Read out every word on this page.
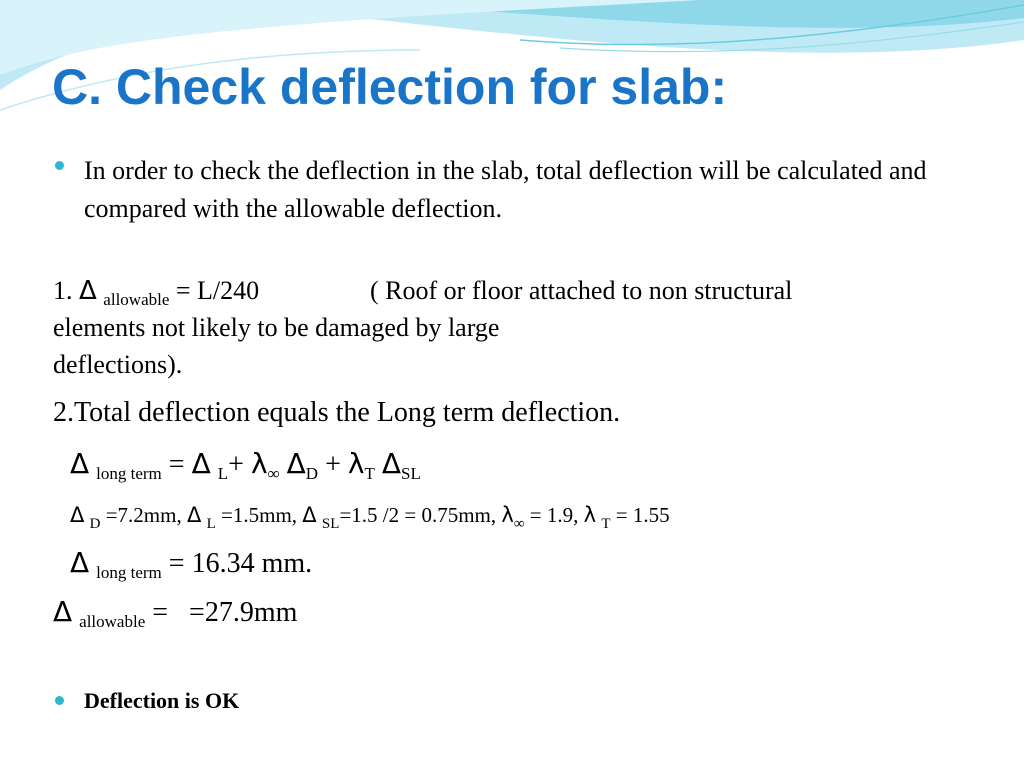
C. Check deflection for slab:
In order to check the deflection in the slab, total deflection will be calculated and compared with the allowable deflection.
1. Δ $_{allowable}$ = L/240	( Roof or floor attached to non structural
elements not likely to be damaged by large
deflections).
2.Total deflection equals the Long term deflection.
Δ $_{long term}$ = Δ $_L+ \lambda_\infty$ $\Delta_D + \lambda_T$ $\Delta_{SL}$
Δ $_D$ =7.2mm, Δ $_L$ =1.5mm, Δ $_{SL}$=1.5 /2 = 0.75mm, $\lambda_\infty = 1.9$, λ $_T$ = 1.55
Δ $_{long term}$ = 16.34 mm.
Δ $_{allowable}$ =   =27.9mm
Deflection is OK
